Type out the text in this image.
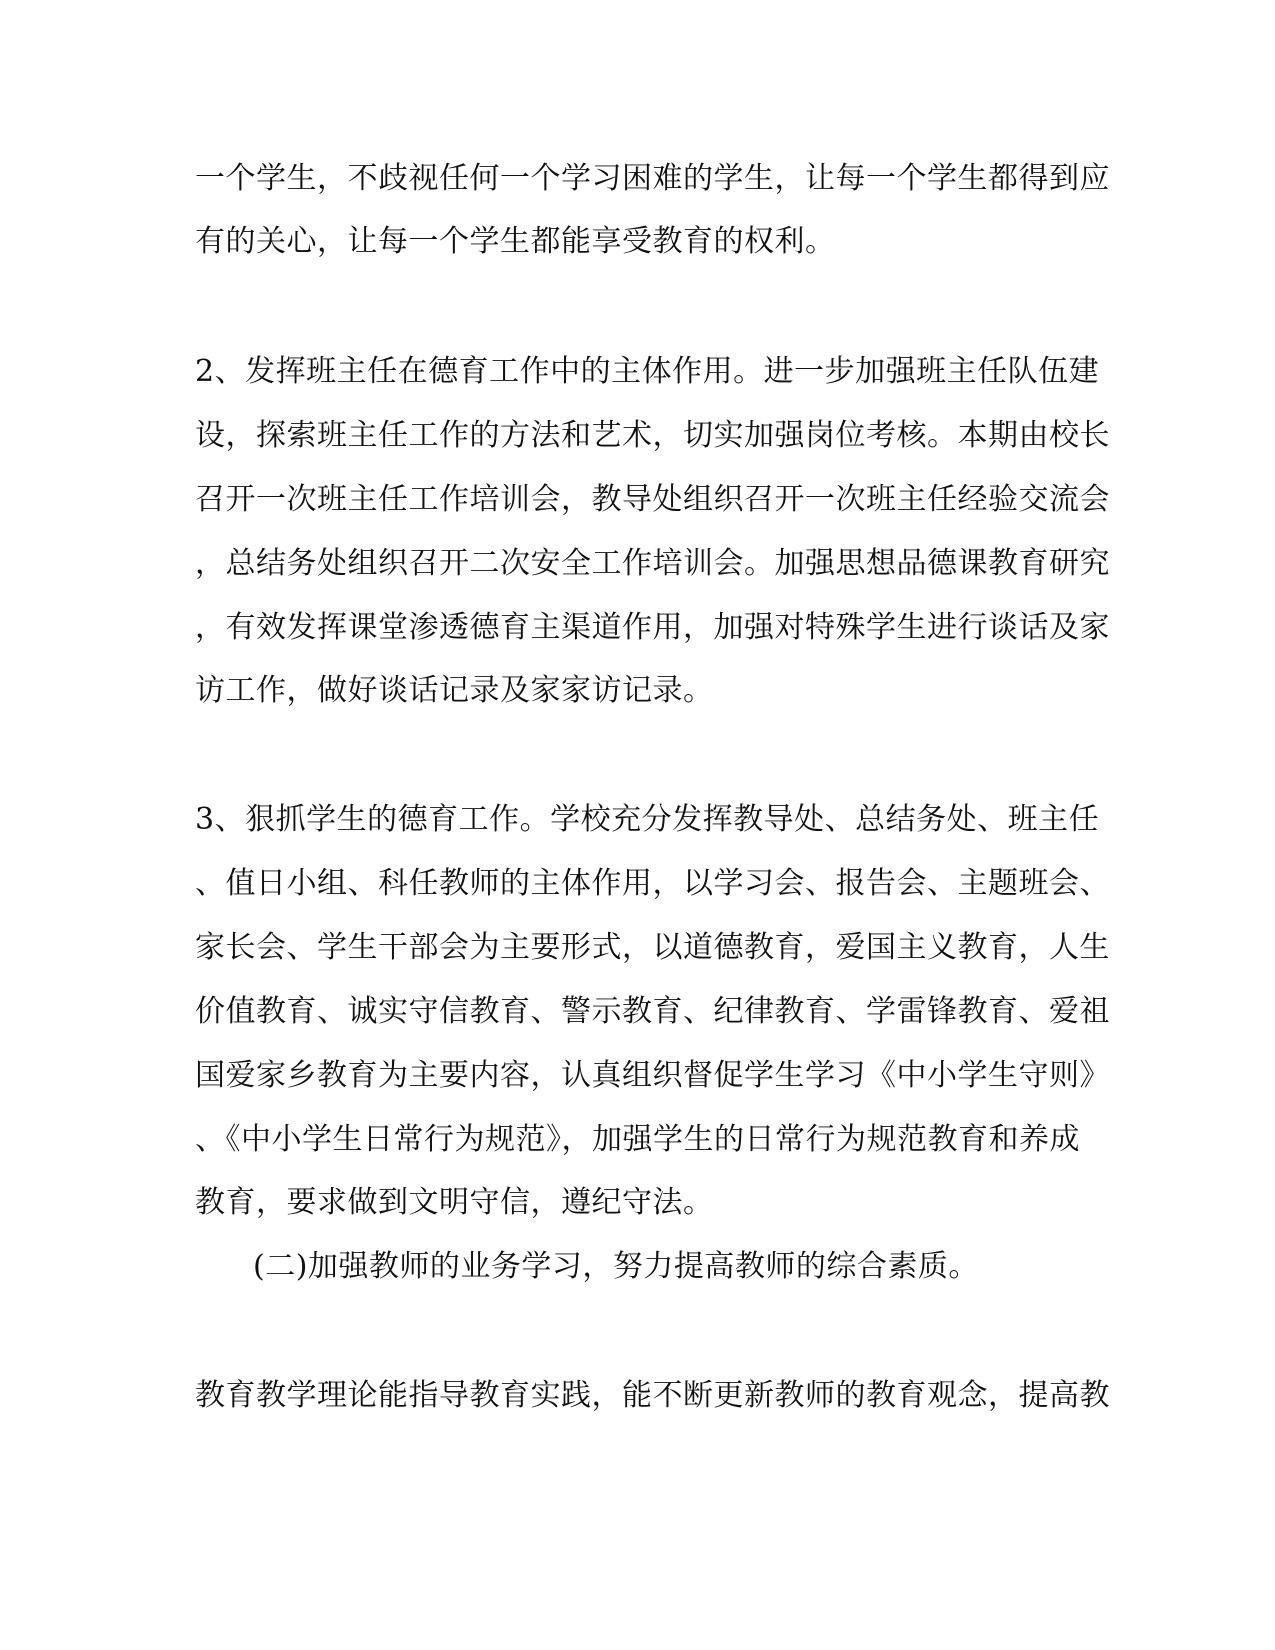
一个学生，不歧视任何一个学习困难的学生，让每一个学生都得到应
有的关心，让每一个学生都能享受教育的权利。
2、发挥班主任在德育工作中的主体作用。进一步加强班主任队伍建
设，探索班主任工作的方法和艺术，切实加强岗位考核。本期由校长
召开一次班主任工作培训会，教导处组织召开一次班主任经验交流会
，总结务处组织召开二次安全工作培训会。加强思想品德课教育研究
，有效发挥课堂渗透德育主渠道作用，加强对特殊学生进行谈话及家
访工作，做好谈话记录及家家访记录。
3、狠抓学生的德育工作。学校充分发挥教导处、总结务处、班主任
、值日小组、科任教师的主体作用，以学习会、报告会、主题班会、
家长会、学生干部会为主要形式，以道德教育，爱国主义教育，人生
价值教育、诚实守信教育、警示教育、纪律教育、学雷锋教育、爱祖
国爱家乡教育为主要内容，认真组织督促学生学习《中小学生守则》
、《中小学生日常行为规范》，加强学生的日常行为规范教育和养成
教育，要求做到文明守信，遵纪守法。
(二)加强教师的业务学习，努力提高教师的综合素质。
教育教学理论能指导教育实践，能不断更新教师的教育观念，提高教
